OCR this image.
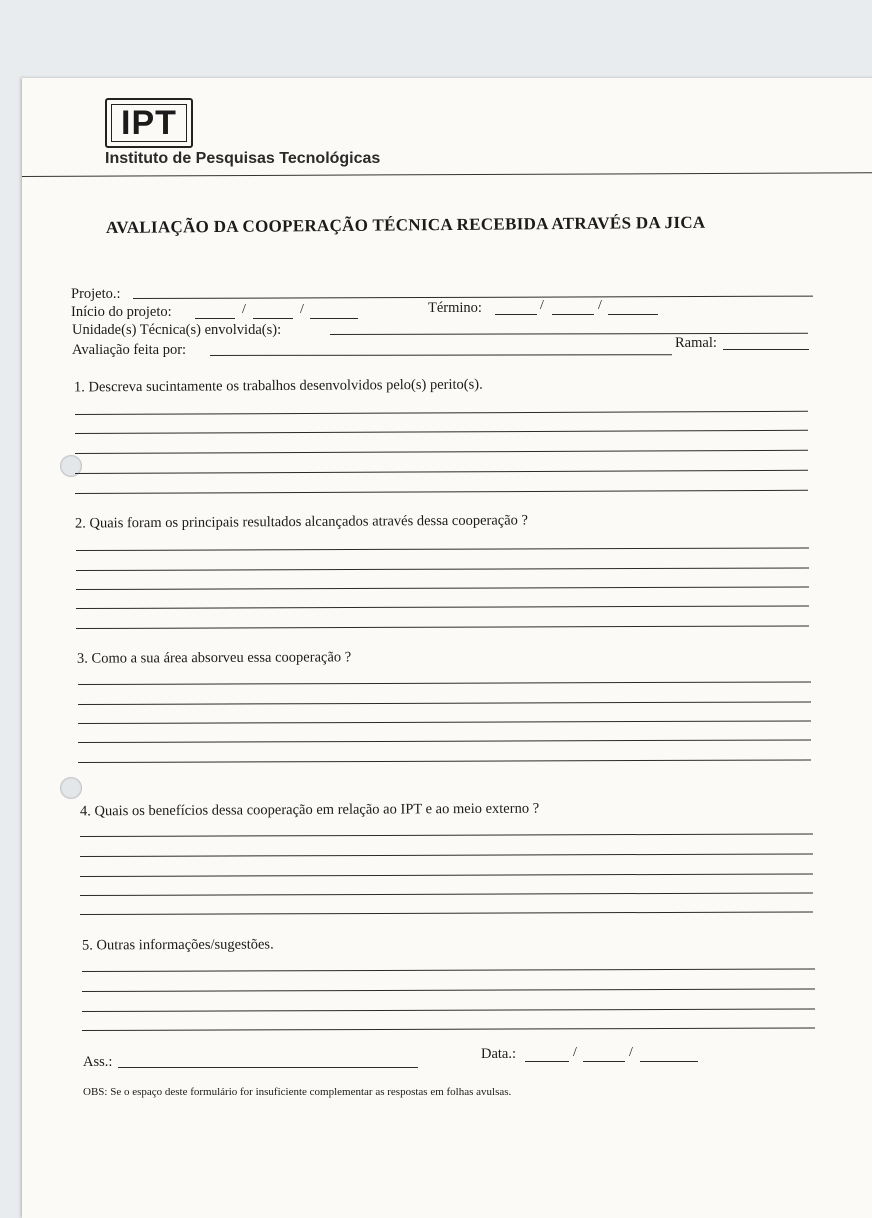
IPT
Instituto de Pesquisas Tecnológicas
AVALIAÇÃO DA COOPERAÇÃO TÉCNICA RECEBIDA ATRAVÉS DA JICA
Projeto.:
Início do projeto:	/	/	Término:	/	/
Unidade(s) Técnica(s) envolvida(s):
Avaliação feita por:	Ramal:
1. Descreva sucintamente os trabalhos desenvolvidos pelo(s) perito(s).
2. Quais foram os principais resultados alcançados através dessa cooperação ?
3. Como a sua área absorveu essa cooperação ?
4. Quais os benefícios dessa cooperação em relação ao IPT e ao meio externo ?
5. Outras informações/sugestões.
Ass.:	Data.:	/	/
OBS: Se o espaço deste formulário for insuficiente complementar as respostas em folhas avulsas.
